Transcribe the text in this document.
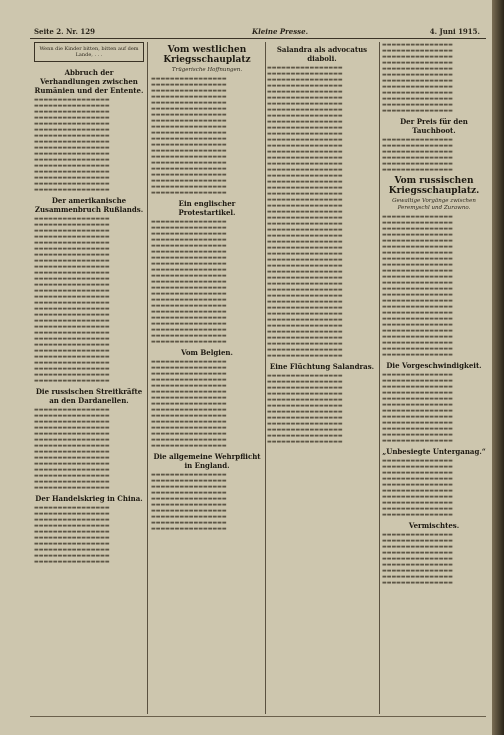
Seite 2. Nr. 129	Kleine Presse.	4. Juni 1915.
Wenn die Kinder bitten, bitten auf dem Lande, . . .
Abbruch der Verhandlungen zwischen Rumänien und der Entente.
▬▬▬▬▬▬▬▬▬▬▬▬▬▬▬▬ ▬▬▬▬▬▬▬▬▬▬▬▬▬▬▬▬ ▬▬▬▬▬▬▬▬▬▬▬▬▬▬▬▬ ▬▬▬▬▬▬▬▬▬▬▬▬▬▬▬▬ ▬▬▬▬▬▬▬▬▬▬▬▬▬▬▬▬ ▬▬▬▬▬▬▬▬▬▬▬▬▬▬▬▬ ▬▬▬▬▬▬▬▬▬▬▬▬▬▬▬▬ ▬▬▬▬▬▬▬▬▬▬▬▬▬▬▬▬ ▬▬▬▬▬▬▬▬▬▬▬▬▬▬▬▬ ▬▬▬▬▬▬▬▬▬▬▬▬▬▬▬▬ ▬▬▬▬▬▬▬▬▬▬▬▬▬▬▬▬ ▬▬▬▬▬▬▬▬▬▬▬▬▬▬▬▬ ▬▬▬▬▬▬▬▬▬▬▬▬▬▬▬▬ ▬▬▬▬▬▬▬▬▬▬▬▬▬▬▬▬ ▬▬▬▬▬▬▬▬▬▬▬▬▬▬▬▬ ▬▬▬▬▬▬▬▬▬▬▬▬▬▬▬▬
Der amerikanische Zusammenbruch Rußlands.
▬▬▬▬▬▬▬▬▬▬▬▬▬▬▬▬ ▬▬▬▬▬▬▬▬▬▬▬▬▬▬▬▬ ▬▬▬▬▬▬▬▬▬▬▬▬▬▬▬▬ ▬▬▬▬▬▬▬▬▬▬▬▬▬▬▬▬ ▬▬▬▬▬▬▬▬▬▬▬▬▬▬▬▬ ▬▬▬▬▬▬▬▬▬▬▬▬▬▬▬▬ ▬▬▬▬▬▬▬▬▬▬▬▬▬▬▬▬ ▬▬▬▬▬▬▬▬▬▬▬▬▬▬▬▬ ▬▬▬▬▬▬▬▬▬▬▬▬▬▬▬▬ ▬▬▬▬▬▬▬▬▬▬▬▬▬▬▬▬ ▬▬▬▬▬▬▬▬▬▬▬▬▬▬▬▬ ▬▬▬▬▬▬▬▬▬▬▬▬▬▬▬▬ ▬▬▬▬▬▬▬▬▬▬▬▬▬▬▬▬ ▬▬▬▬▬▬▬▬▬▬▬▬▬▬▬▬ ▬▬▬▬▬▬▬▬▬▬▬▬▬▬▬▬ ▬▬▬▬▬▬▬▬▬▬▬▬▬▬▬▬ ▬▬▬▬▬▬▬▬▬▬▬▬▬▬▬▬ ▬▬▬▬▬▬▬▬▬▬▬▬▬▬▬▬ ▬▬▬▬▬▬▬▬▬▬▬▬▬▬▬▬ ▬▬▬▬▬▬▬▬▬▬▬▬▬▬▬▬ ▬▬▬▬▬▬▬▬▬▬▬▬▬▬▬▬ ▬▬▬▬▬▬▬▬▬▬▬▬▬▬▬▬ ▬▬▬▬▬▬▬▬▬▬▬▬▬▬▬▬ ▬▬▬▬▬▬▬▬▬▬▬▬▬▬▬▬ ▬▬▬▬▬▬▬▬▬▬▬▬▬▬▬▬ ▬▬▬▬▬▬▬▬▬▬▬▬▬▬▬▬ ▬▬▬▬▬▬▬▬▬▬▬▬▬▬▬▬ ▬▬▬▬▬▬▬▬▬▬▬▬▬▬▬▬
Die russischen Streitkräfte an den Dardanellen.
▬▬▬▬▬▬▬▬▬▬▬▬▬▬▬▬ ▬▬▬▬▬▬▬▬▬▬▬▬▬▬▬▬ ▬▬▬▬▬▬▬▬▬▬▬▬▬▬▬▬ ▬▬▬▬▬▬▬▬▬▬▬▬▬▬▬▬ ▬▬▬▬▬▬▬▬▬▬▬▬▬▬▬▬ ▬▬▬▬▬▬▬▬▬▬▬▬▬▬▬▬ ▬▬▬▬▬▬▬▬▬▬▬▬▬▬▬▬ ▬▬▬▬▬▬▬▬▬▬▬▬▬▬▬▬ ▬▬▬▬▬▬▬▬▬▬▬▬▬▬▬▬ ▬▬▬▬▬▬▬▬▬▬▬▬▬▬▬▬ ▬▬▬▬▬▬▬▬▬▬▬▬▬▬▬▬ ▬▬▬▬▬▬▬▬▬▬▬▬▬▬▬▬ ▬▬▬▬▬▬▬▬▬▬▬▬▬▬▬▬ ▬▬▬▬▬▬▬▬▬▬▬▬▬▬▬▬
Der Handelskrieg in China.
▬▬▬▬▬▬▬▬▬▬▬▬▬▬▬▬ ▬▬▬▬▬▬▬▬▬▬▬▬▬▬▬▬ ▬▬▬▬▬▬▬▬▬▬▬▬▬▬▬▬ ▬▬▬▬▬▬▬▬▬▬▬▬▬▬▬▬ ▬▬▬▬▬▬▬▬▬▬▬▬▬▬▬▬ ▬▬▬▬▬▬▬▬▬▬▬▬▬▬▬▬ ▬▬▬▬▬▬▬▬▬▬▬▬▬▬▬▬ ▬▬▬▬▬▬▬▬▬▬▬▬▬▬▬▬ ▬▬▬▬▬▬▬▬▬▬▬▬▬▬▬▬ ▬▬▬▬▬▬▬▬▬▬▬▬▬▬▬▬
Vom westlichen Kriegsschauplatz
Trügerische Hoffnungen.
▬▬▬▬▬▬▬▬▬▬▬▬▬▬▬▬ ▬▬▬▬▬▬▬▬▬▬▬▬▬▬▬▬ ▬▬▬▬▬▬▬▬▬▬▬▬▬▬▬▬ ▬▬▬▬▬▬▬▬▬▬▬▬▬▬▬▬ ▬▬▬▬▬▬▬▬▬▬▬▬▬▬▬▬ ▬▬▬▬▬▬▬▬▬▬▬▬▬▬▬▬ ▬▬▬▬▬▬▬▬▬▬▬▬▬▬▬▬ ▬▬▬▬▬▬▬▬▬▬▬▬▬▬▬▬ ▬▬▬▬▬▬▬▬▬▬▬▬▬▬▬▬ ▬▬▬▬▬▬▬▬▬▬▬▬▬▬▬▬ ▬▬▬▬▬▬▬▬▬▬▬▬▬▬▬▬ ▬▬▬▬▬▬▬▬▬▬▬▬▬▬▬▬ ▬▬▬▬▬▬▬▬▬▬▬▬▬▬▬▬ ▬▬▬▬▬▬▬▬▬▬▬▬▬▬▬▬ ▬▬▬▬▬▬▬▬▬▬▬▬▬▬▬▬ ▬▬▬▬▬▬▬▬▬▬▬▬▬▬▬▬ ▬▬▬▬▬▬▬▬▬▬▬▬▬▬▬▬ ▬▬▬▬▬▬▬▬▬▬▬▬▬▬▬▬ ▬▬▬▬▬▬▬▬▬▬▬▬▬▬▬▬ ▬▬▬▬▬▬▬▬▬▬▬▬▬▬▬▬
Ein englischer Protestartikel.
▬▬▬▬▬▬▬▬▬▬▬▬▬▬▬▬ ▬▬▬▬▬▬▬▬▬▬▬▬▬▬▬▬ ▬▬▬▬▬▬▬▬▬▬▬▬▬▬▬▬ ▬▬▬▬▬▬▬▬▬▬▬▬▬▬▬▬ ▬▬▬▬▬▬▬▬▬▬▬▬▬▬▬▬ ▬▬▬▬▬▬▬▬▬▬▬▬▬▬▬▬ ▬▬▬▬▬▬▬▬▬▬▬▬▬▬▬▬ ▬▬▬▬▬▬▬▬▬▬▬▬▬▬▬▬ ▬▬▬▬▬▬▬▬▬▬▬▬▬▬▬▬ ▬▬▬▬▬▬▬▬▬▬▬▬▬▬▬▬ ▬▬▬▬▬▬▬▬▬▬▬▬▬▬▬▬ ▬▬▬▬▬▬▬▬▬▬▬▬▬▬▬▬ ▬▬▬▬▬▬▬▬▬▬▬▬▬▬▬▬ ▬▬▬▬▬▬▬▬▬▬▬▬▬▬▬▬ ▬▬▬▬▬▬▬▬▬▬▬▬▬▬▬▬ ▬▬▬▬▬▬▬▬▬▬▬▬▬▬▬▬ ▬▬▬▬▬▬▬▬▬▬▬▬▬▬▬▬ ▬▬▬▬▬▬▬▬▬▬▬▬▬▬▬▬ ▬▬▬▬▬▬▬▬▬▬▬▬▬▬▬▬ ▬▬▬▬▬▬▬▬▬▬▬▬▬▬▬▬ ▬▬▬▬▬▬▬▬▬▬▬▬▬▬▬▬
Vom Belgien.
▬▬▬▬▬▬▬▬▬▬▬▬▬▬▬▬ ▬▬▬▬▬▬▬▬▬▬▬▬▬▬▬▬ ▬▬▬▬▬▬▬▬▬▬▬▬▬▬▬▬ ▬▬▬▬▬▬▬▬▬▬▬▬▬▬▬▬ ▬▬▬▬▬▬▬▬▬▬▬▬▬▬▬▬ ▬▬▬▬▬▬▬▬▬▬▬▬▬▬▬▬ ▬▬▬▬▬▬▬▬▬▬▬▬▬▬▬▬ ▬▬▬▬▬▬▬▬▬▬▬▬▬▬▬▬ ▬▬▬▬▬▬▬▬▬▬▬▬▬▬▬▬ ▬▬▬▬▬▬▬▬▬▬▬▬▬▬▬▬ ▬▬▬▬▬▬▬▬▬▬▬▬▬▬▬▬ ▬▬▬▬▬▬▬▬▬▬▬▬▬▬▬▬ ▬▬▬▬▬▬▬▬▬▬▬▬▬▬▬▬ ▬▬▬▬▬▬▬▬▬▬▬▬▬▬▬▬ ▬▬▬▬▬▬▬▬▬▬▬▬▬▬▬▬
Die allgemeine Wehrpflicht in England.
▬▬▬▬▬▬▬▬▬▬▬▬▬▬▬▬ ▬▬▬▬▬▬▬▬▬▬▬▬▬▬▬▬ ▬▬▬▬▬▬▬▬▬▬▬▬▬▬▬▬ ▬▬▬▬▬▬▬▬▬▬▬▬▬▬▬▬ ▬▬▬▬▬▬▬▬▬▬▬▬▬▬▬▬ ▬▬▬▬▬▬▬▬▬▬▬▬▬▬▬▬ ▬▬▬▬▬▬▬▬▬▬▬▬▬▬▬▬ ▬▬▬▬▬▬▬▬▬▬▬▬▬▬▬▬ ▬▬▬▬▬▬▬▬▬▬▬▬▬▬▬▬ ▬▬▬▬▬▬▬▬▬▬▬▬▬▬▬▬
Salandra als advocatus diaboli.
▬▬▬▬▬▬▬▬▬▬▬▬▬▬▬▬ ▬▬▬▬▬▬▬▬▬▬▬▬▬▬▬▬ ▬▬▬▬▬▬▬▬▬▬▬▬▬▬▬▬ ▬▬▬▬▬▬▬▬▬▬▬▬▬▬▬▬ ▬▬▬▬▬▬▬▬▬▬▬▬▬▬▬▬ ▬▬▬▬▬▬▬▬▬▬▬▬▬▬▬▬ ▬▬▬▬▬▬▬▬▬▬▬▬▬▬▬▬ ▬▬▬▬▬▬▬▬▬▬▬▬▬▬▬▬ ▬▬▬▬▬▬▬▬▬▬▬▬▬▬▬▬ ▬▬▬▬▬▬▬▬▬▬▬▬▬▬▬▬ ▬▬▬▬▬▬▬▬▬▬▬▬▬▬▬▬ ▬▬▬▬▬▬▬▬▬▬▬▬▬▬▬▬ ▬▬▬▬▬▬▬▬▬▬▬▬▬▬▬▬ ▬▬▬▬▬▬▬▬▬▬▬▬▬▬▬▬ ▬▬▬▬▬▬▬▬▬▬▬▬▬▬▬▬ ▬▬▬▬▬▬▬▬▬▬▬▬▬▬▬▬ ▬▬▬▬▬▬▬▬▬▬▬▬▬▬▬▬ ▬▬▬▬▬▬▬▬▬▬▬▬▬▬▬▬ ▬▬▬▬▬▬▬▬▬▬▬▬▬▬▬▬ ▬▬▬▬▬▬▬▬▬▬▬▬▬▬▬▬ ▬▬▬▬▬▬▬▬▬▬▬▬▬▬▬▬ ▬▬▬▬▬▬▬▬▬▬▬▬▬▬▬▬ ▬▬▬▬▬▬▬▬▬▬▬▬▬▬▬▬ ▬▬▬▬▬▬▬▬▬▬▬▬▬▬▬▬ ▬▬▬▬▬▬▬▬▬▬▬▬▬▬▬▬ ▬▬▬▬▬▬▬▬▬▬▬▬▬▬▬▬ ▬▬▬▬▬▬▬▬▬▬▬▬▬▬▬▬ ▬▬▬▬▬▬▬▬▬▬▬▬▬▬▬▬ ▬▬▬▬▬▬▬▬▬▬▬▬▬▬▬▬ ▬▬▬▬▬▬▬▬▬▬▬▬▬▬▬▬ ▬▬▬▬▬▬▬▬▬▬▬▬▬▬▬▬ ▬▬▬▬▬▬▬▬▬▬▬▬▬▬▬▬ ▬▬▬▬▬▬▬▬▬▬▬▬▬▬▬▬ ▬▬▬▬▬▬▬▬▬▬▬▬▬▬▬▬ ▬▬▬▬▬▬▬▬▬▬▬▬▬▬▬▬ ▬▬▬▬▬▬▬▬▬▬▬▬▬▬▬▬ ▬▬▬▬▬▬▬▬▬▬▬▬▬▬▬▬ ▬▬▬▬▬▬▬▬▬▬▬▬▬▬▬▬ ▬▬▬▬▬▬▬▬▬▬▬▬▬▬▬▬ ▬▬▬▬▬▬▬▬▬▬▬▬▬▬▬▬ ▬▬▬▬▬▬▬▬▬▬▬▬▬▬▬▬ ▬▬▬▬▬▬▬▬▬▬▬▬▬▬▬▬ ▬▬▬▬▬▬▬▬▬▬▬▬▬▬▬▬ ▬▬▬▬▬▬▬▬▬▬▬▬▬▬▬▬ ▬▬▬▬▬▬▬▬▬▬▬▬▬▬▬▬ ▬▬▬▬▬▬▬▬▬▬▬▬▬▬▬▬ ▬▬▬▬▬▬▬▬▬▬▬▬▬▬▬▬ ▬▬▬▬▬▬▬▬▬▬▬▬▬▬▬▬ ▬▬▬▬▬▬▬▬▬▬▬▬▬▬▬▬
Eine Flüchtung Salandras.
▬▬▬▬▬▬▬▬▬▬▬▬▬▬▬▬ ▬▬▬▬▬▬▬▬▬▬▬▬▬▬▬▬ ▬▬▬▬▬▬▬▬▬▬▬▬▬▬▬▬ ▬▬▬▬▬▬▬▬▬▬▬▬▬▬▬▬ ▬▬▬▬▬▬▬▬▬▬▬▬▬▬▬▬ ▬▬▬▬▬▬▬▬▬▬▬▬▬▬▬▬ ▬▬▬▬▬▬▬▬▬▬▬▬▬▬▬▬ ▬▬▬▬▬▬▬▬▬▬▬▬▬▬▬▬ ▬▬▬▬▬▬▬▬▬▬▬▬▬▬▬▬ ▬▬▬▬▬▬▬▬▬▬▬▬▬▬▬▬ ▬▬▬▬▬▬▬▬▬▬▬▬▬▬▬▬ ▬▬▬▬▬▬▬▬▬▬▬▬▬▬▬▬
▬▬▬▬▬▬▬▬▬▬▬▬▬▬▬ ▬▬▬▬▬▬▬▬▬▬▬▬▬▬▬ ▬▬▬▬▬▬▬▬▬▬▬▬▬▬▬ ▬▬▬▬▬▬▬▬▬▬▬▬▬▬▬ ▬▬▬▬▬▬▬▬▬▬▬▬▬▬▬ ▬▬▬▬▬▬▬▬▬▬▬▬▬▬▬ ▬▬▬▬▬▬▬▬▬▬▬▬▬▬▬ ▬▬▬▬▬▬▬▬▬▬▬▬▬▬▬ ▬▬▬▬▬▬▬▬▬▬▬▬▬▬▬ ▬▬▬▬▬▬▬▬▬▬▬▬▬▬▬ ▬▬▬▬▬▬▬▬▬▬▬▬▬▬▬ ▬▬▬▬▬▬▬▬▬▬▬▬▬▬▬
Der Preis für den Tauchboot.
▬▬▬▬▬▬▬▬▬▬▬▬▬▬▬ ▬▬▬▬▬▬▬▬▬▬▬▬▬▬▬ ▬▬▬▬▬▬▬▬▬▬▬▬▬▬▬ ▬▬▬▬▬▬▬▬▬▬▬▬▬▬▬ ▬▬▬▬▬▬▬▬▬▬▬▬▬▬▬ ▬▬▬▬▬▬▬▬▬▬▬▬▬▬▬
Vom russischen Kriegsschauplatz.
Gewaltige Vorgänge zwischen Peremyschl und Zurawno.
▬▬▬▬▬▬▬▬▬▬▬▬▬▬▬ ▬▬▬▬▬▬▬▬▬▬▬▬▬▬▬ ▬▬▬▬▬▬▬▬▬▬▬▬▬▬▬ ▬▬▬▬▬▬▬▬▬▬▬▬▬▬▬ ▬▬▬▬▬▬▬▬▬▬▬▬▬▬▬ ▬▬▬▬▬▬▬▬▬▬▬▬▬▬▬ ▬▬▬▬▬▬▬▬▬▬▬▬▬▬▬ ▬▬▬▬▬▬▬▬▬▬▬▬▬▬▬ ▬▬▬▬▬▬▬▬▬▬▬▬▬▬▬ ▬▬▬▬▬▬▬▬▬▬▬▬▬▬▬ ▬▬▬▬▬▬▬▬▬▬▬▬▬▬▬ ▬▬▬▬▬▬▬▬▬▬▬▬▬▬▬ ▬▬▬▬▬▬▬▬▬▬▬▬▬▬▬ ▬▬▬▬▬▬▬▬▬▬▬▬▬▬▬ ▬▬▬▬▬▬▬▬▬▬▬▬▬▬▬ ▬▬▬▬▬▬▬▬▬▬▬▬▬▬▬ ▬▬▬▬▬▬▬▬▬▬▬▬▬▬▬ ▬▬▬▬▬▬▬▬▬▬▬▬▬▬▬ ▬▬▬▬▬▬▬▬▬▬▬▬▬▬▬ ▬▬▬▬▬▬▬▬▬▬▬▬▬▬▬ ▬▬▬▬▬▬▬▬▬▬▬▬▬▬▬ ▬▬▬▬▬▬▬▬▬▬▬▬▬▬▬ ▬▬▬▬▬▬▬▬▬▬▬▬▬▬▬ ▬▬▬▬▬▬▬▬▬▬▬▬▬▬▬
Die Vorgeschwindigkeit.
▬▬▬▬▬▬▬▬▬▬▬▬▬▬▬ ▬▬▬▬▬▬▬▬▬▬▬▬▬▬▬ ▬▬▬▬▬▬▬▬▬▬▬▬▬▬▬ ▬▬▬▬▬▬▬▬▬▬▬▬▬▬▬ ▬▬▬▬▬▬▬▬▬▬▬▬▬▬▬ ▬▬▬▬▬▬▬▬▬▬▬▬▬▬▬ ▬▬▬▬▬▬▬▬▬▬▬▬▬▬▬ ▬▬▬▬▬▬▬▬▬▬▬▬▬▬▬ ▬▬▬▬▬▬▬▬▬▬▬▬▬▬▬ ▬▬▬▬▬▬▬▬▬▬▬▬▬▬▬ ▬▬▬▬▬▬▬▬▬▬▬▬▬▬▬ ▬▬▬▬▬▬▬▬▬▬▬▬▬▬▬
„Unbesiegte Unterganag.“
▬▬▬▬▬▬▬▬▬▬▬▬▬▬▬ ▬▬▬▬▬▬▬▬▬▬▬▬▬▬▬ ▬▬▬▬▬▬▬▬▬▬▬▬▬▬▬ ▬▬▬▬▬▬▬▬▬▬▬▬▬▬▬ ▬▬▬▬▬▬▬▬▬▬▬▬▬▬▬ ▬▬▬▬▬▬▬▬▬▬▬▬▬▬▬ ▬▬▬▬▬▬▬▬▬▬▬▬▬▬▬ ▬▬▬▬▬▬▬▬▬▬▬▬▬▬▬ ▬▬▬▬▬▬▬▬▬▬▬▬▬▬▬ ▬▬▬▬▬▬▬▬▬▬▬▬▬▬▬
Vermischtes.
▬▬▬▬▬▬▬▬▬▬▬▬▬▬▬ ▬▬▬▬▬▬▬▬▬▬▬▬▬▬▬ ▬▬▬▬▬▬▬▬▬▬▬▬▬▬▬ ▬▬▬▬▬▬▬▬▬▬▬▬▬▬▬ ▬▬▬▬▬▬▬▬▬▬▬▬▬▬▬ ▬▬▬▬▬▬▬▬▬▬▬▬▬▬▬ ▬▬▬▬▬▬▬▬▬▬▬▬▬▬▬ ▬▬▬▬▬▬▬▬▬▬▬▬▬▬▬ ▬▬▬▬▬▬▬▬▬▬▬▬▬▬▬
